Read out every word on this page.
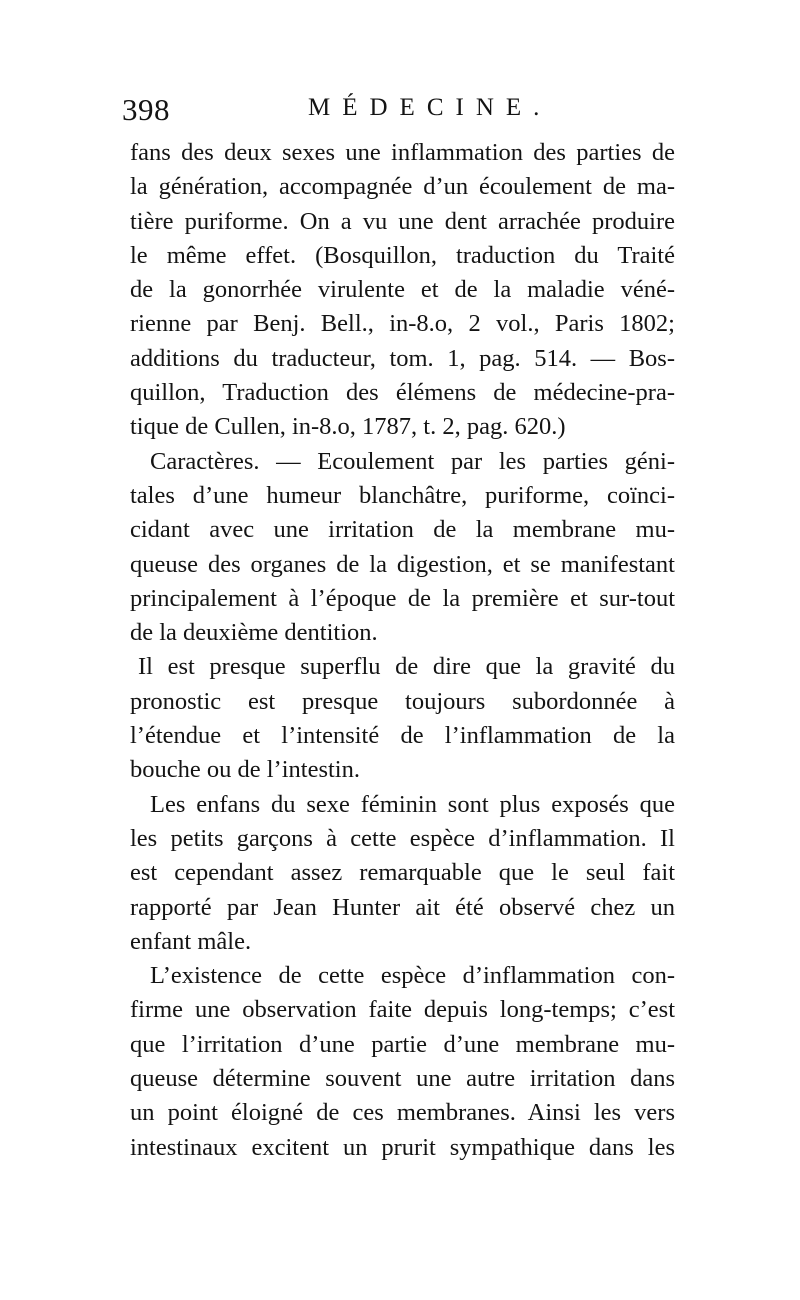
398	MÉDECINE.
fans des deux sexes une inflammation des parties de
la génération, accompagnée d’un écoulement de ma-
tière puriforme. On a vu une dent arrachée produire
le même effet. (Bosquillon, traduction du Traité
de la gonorrhée virulente et de la maladie véné-
rienne par Benj. Bell., in-8.o, 2 vol., Paris 1802;
additions du traducteur, tom. 1, pag. 514. — Bos-
quillon, Traduction des élémens de médecine-pra-
tique de Cullen, in-8.o, 1787, t. 2, pag. 620.)
Caractères. — Ecoulement par les parties géni-
tales d’une humeur blanchâtre, puriforme, coïnci-
cidant avec une irritation de la membrane mu-
queuse des organes de la digestion, et se manifestant
principalement à l’époque de la première et sur-tout
de la deuxième dentition.
Il est presque superflu de dire que la gravité du
pronostic est presque toujours subordonnée à
l’étendue et l’intensité de l’inflammation de la
bouche ou de l’intestin.
Les enfans du sexe féminin sont plus exposés que
les petits garçons à cette espèce d’inflammation. Il
est cependant assez remarquable que le seul fait
rapporté par Jean Hunter ait été observé chez un
enfant mâle.
L’existence de cette espèce d’inflammation con-
firme une observation faite depuis long-temps; c’est
que l’irritation d’une partie d’une membrane mu-
queuse détermine souvent une autre irritation dans
un point éloigné de ces membranes. Ainsi les vers
intestinaux excitent un prurit sympathique dans les
